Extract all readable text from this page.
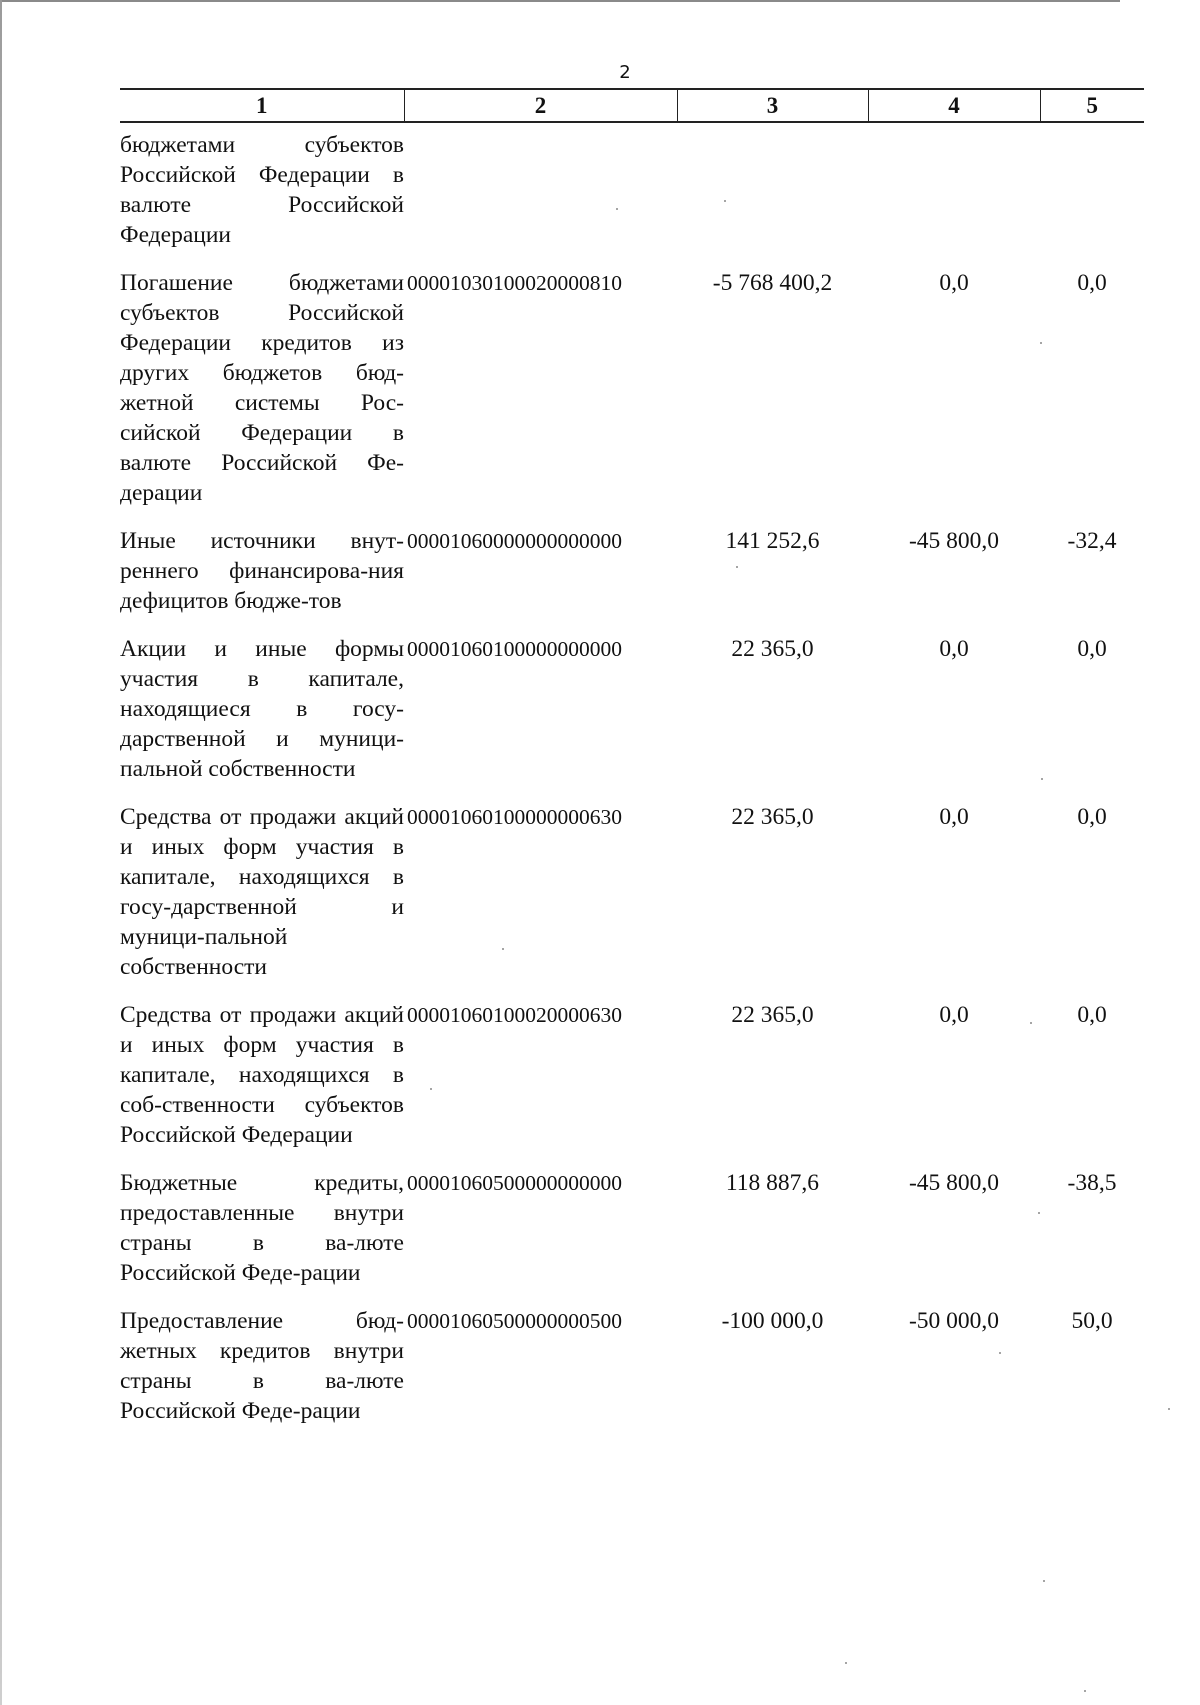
2
1	2	3	4	5

бюджетами субъектов Российской Федерации в валюте Российской Федерации				

Погашение бюджетами субъектов Российской Федерации кредитов из других бюджетов бюд-жетной системы Рос-сийской Федерации в валюте Российской Фе-дерации	00001030100020000810	-5 768 400,2	0,0	0,0

Иные источники внут-реннего финансирова-ния дефицитов бюдже-тов	00001060000000000000	141 252,6	-45 800,0	-32,4

Акции и иные формы участия в капитале, находящиеся в госу-дарственной и муници-пальной собственности	00001060100000000000	22 365,0	0,0	0,0

Средства от продажи акций и иных форм участия в капитале, находящихся в госу-дарственной и муници-пальной собственности	00001060100000000630	22 365,0	0,0	0,0

Средства от продажи акций и иных форм участия в капитале, находящихся в соб-ственности субъектов Российской Федерации	00001060100020000630	22 365,0	0,0	0,0

Бюджетные кредиты, предоставленные внутри страны в ва-люте Российской Феде-рации	00001060500000000000	118 887,6	-45 800,0	-38,5

Предоставление бюд-жетных кредитов внутри страны в ва-люте Российской Феде-рации	00001060500000000500	-100 000,0	-50 000,0	50,0
